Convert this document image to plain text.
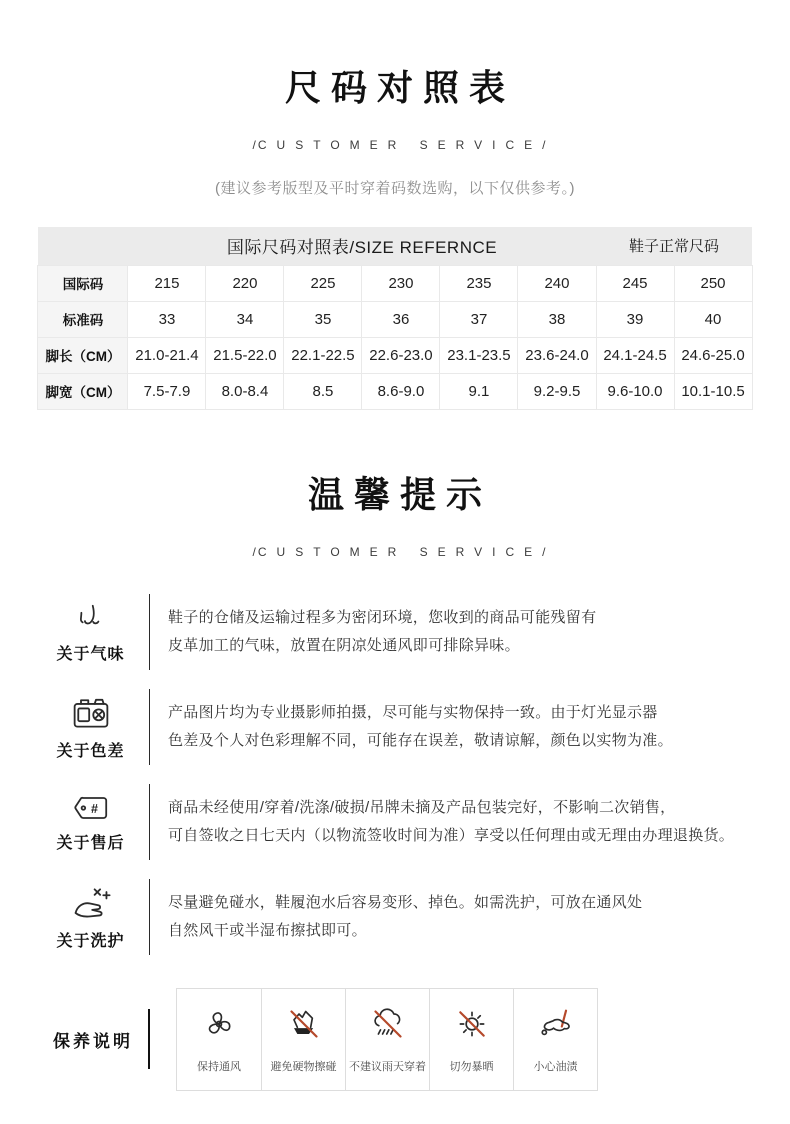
尺码对照表
/CUSTOMER SERVICE/
(建议参考版型及平时穿着码数选购，以下仅供参考。)
	国际尺码对照表/SIZE REFERNCE						鞋子正常尺码	
国际码	215	220	225	230	235	240	245	250
标准码	33	34	35	36	37	38	39	40
脚长（CM）	21.0-21.4	21.5-22.0	22.1-22.5	22.6-23.0	23.1-23.5	23.6-24.0	24.1-24.5	24.6-25.0
脚宽（CM）	7.5-7.9	8.0-8.4	8.5	8.6-9.0	9.1	9.2-9.5	9.6-10.0	10.1-10.5
温馨提示
/CUSTOMER SERVICE/
关于气味
鞋子的仓储及运输过程多为密闭环境，您收到的商品可能残留有
皮革加工的气味，放置在阴凉处通风即可排除异味。
关于色差
产品图片均为专业摄影师拍摄，尽可能与实物保持一致。由于灯光显示器
色差及个人对色彩理解不同，可能存在误差，敬请谅解，颜色以实物为准。
#
关于售后
商品未经使用/穿着/洗涤/破损/吊牌未摘及产品包装完好，不影响二次销售，
可自签收之日七天内（以物流签收时间为准）享受以任何理由或无理由办理退换货。
关于洗护
尽量避免碰水，鞋履泡水后容易变形、掉色。如需洗护，可放在通风处
自然风干或半湿布擦拭即可。
保养说明
保持通风	避免硬物擦碰 不建议雨天穿着 切勿暴晒	小心油渍
